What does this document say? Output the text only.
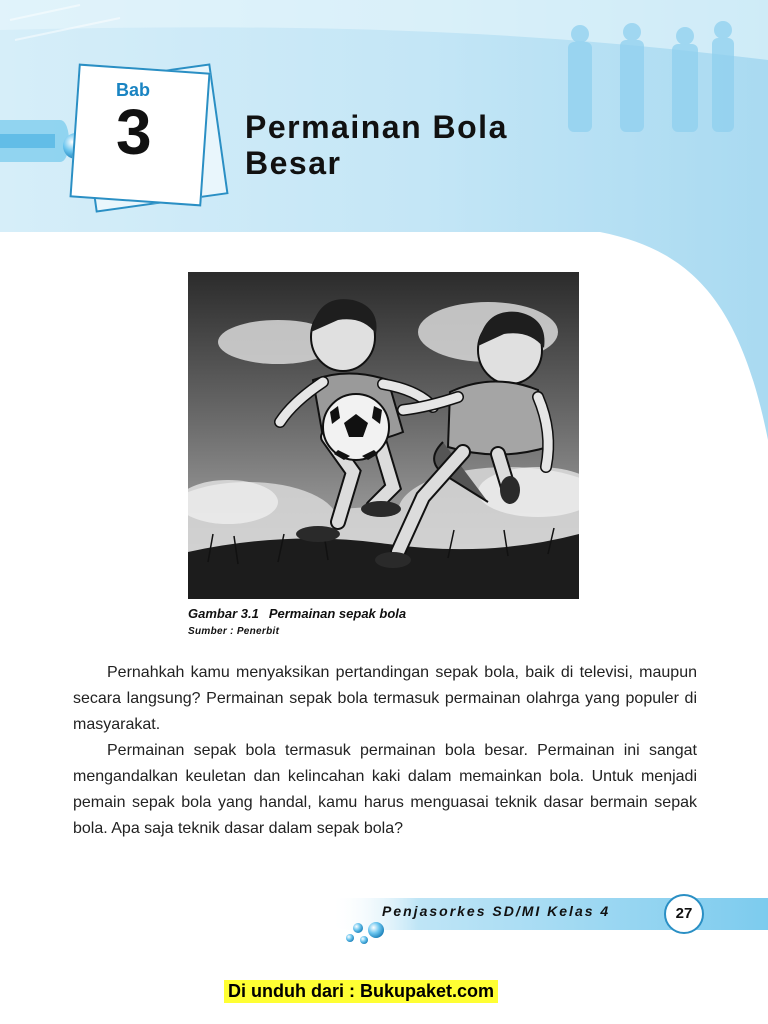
Bab
3	Permainan Bola
Besar
Gambar 3.1 Permainan sepak bola
Sumber : Penerbit

Pernahkah kamu menyaksikan pertandingan sepak bola, baik di televisi, maupun secara langsung? Permainan sepak bola termasuk permainan olahrga yang populer di masyarakat.

Permainan sepak bola termasuk permainan bola besar. Permainan ini sangat mengandalkan keuletan dan kelincahan kaki dalam memainkan bola. Untuk menjadi pemain sepak bola yang handal, kamu harus menguasai teknik dasar bermain sepak bola. Apa saja teknik dasar dalam sepak bola?

Penjasorkes SD/MI Kelas 4	27
Di unduh dari : Bukupaket.com
